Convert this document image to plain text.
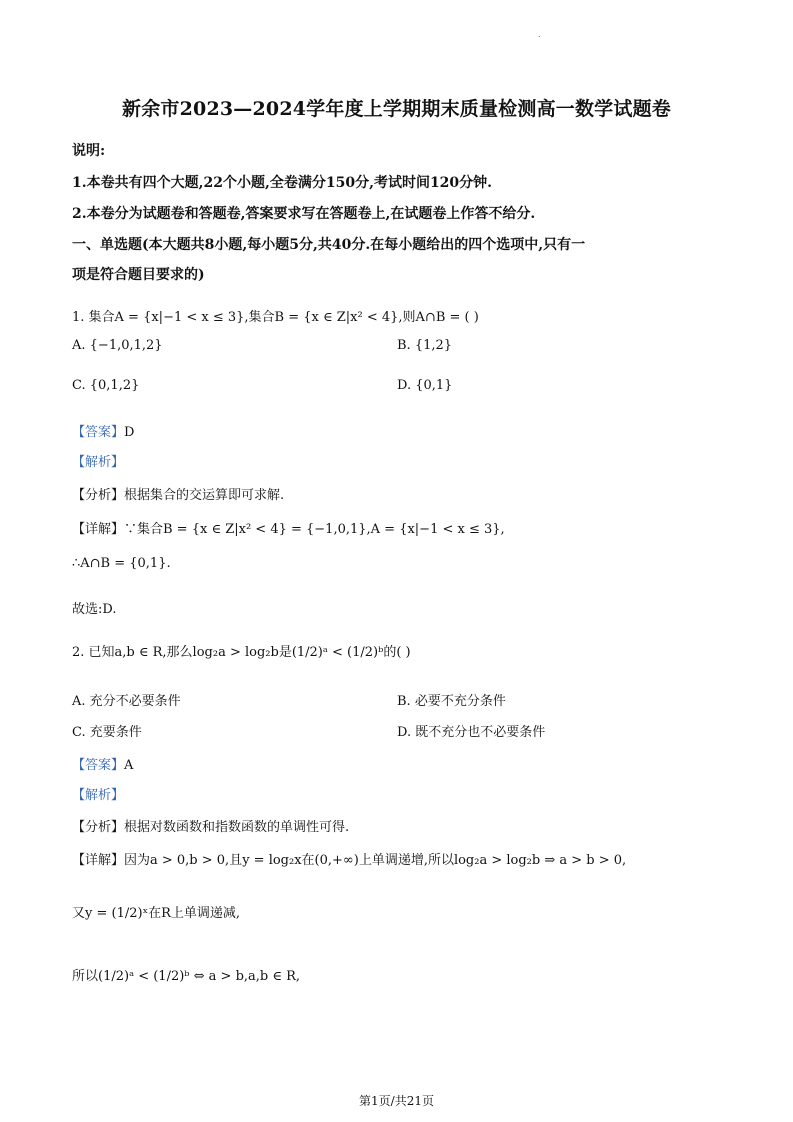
.
新余市2023—2024学年度上学期期末质量检测高一数学试题卷
说明:
1.本卷共有四个大题,22个小题,全卷满分150分,考试时间120分钟.
2.本卷分为试题卷和答题卷,答案要求写在答题卷上,在试题卷上作答不给分.
一、单选题(本大题共8小题,每小题5分,共40分.在每小题给出的四个选项中,只有一
项是符合题目要求的)
1. 集合A = {x|−1 < x ≤ 3},集合B = {x ∈ Z|x² < 4},则A∩B = ( )
A. {−1,0,1,2}	B. {1,2}
C. {0,1,2}	D. {0,1}
【答案】D
【解析】
【分析】根据集合的交运算即可求解.
【详解】∵集合B = {x ∈ Z|x² < 4} = {−1,0,1},A = {x|−1 < x ≤ 3},
∴A∩B = {0,1}.
故选:D.
2. 已知a,b ∈ R,那么log₂a > log₂b是(1/2)ᵃ < (1/2)ᵇ的( )
A. 充分不必要条件	B. 必要不充分条件
C. 充要条件	D. 既不充分也不必要条件
【答案】A
【解析】
【分析】根据对数函数和指数函数的单调性可得.
【详解】因为a > 0,b > 0,且y = log₂x在(0,+∞)上单调递增,所以log₂a > log₂b ⇒ a > b > 0,
又y = (1/2)ˣ在R上单调递减,
所以(1/2)ᵃ < (1/2)ᵇ ⇔ a > b,a,b ∈ R,
第1页/共21页
